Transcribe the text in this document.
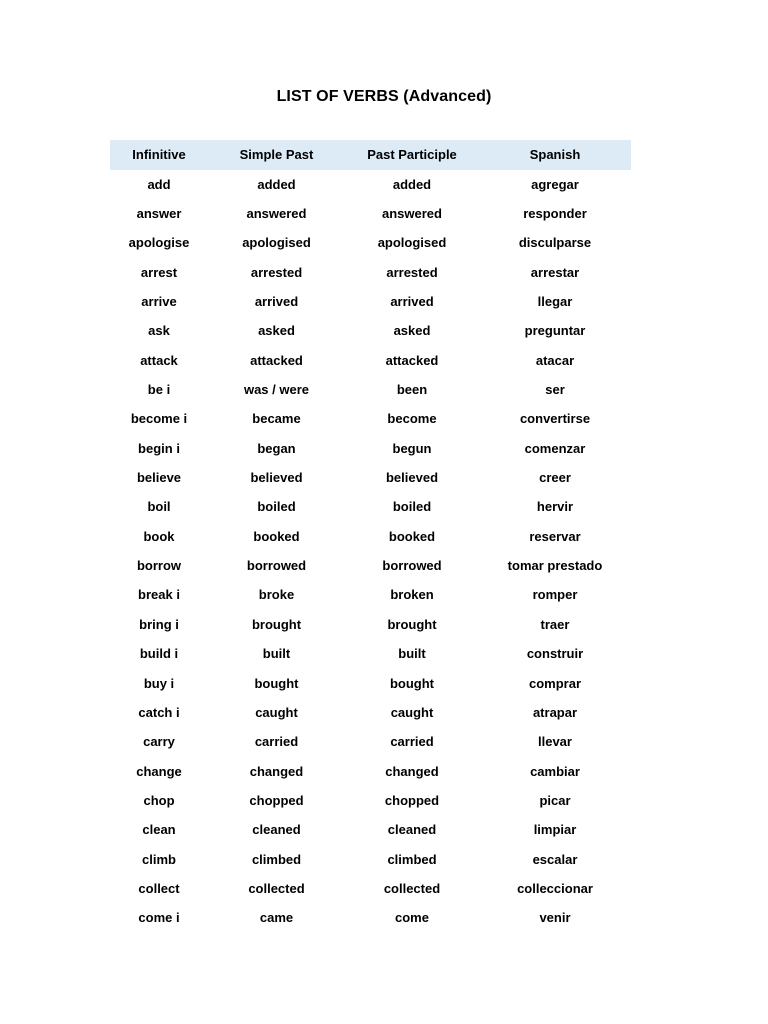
LIST OF VERBS (Advanced)
Infinitive	Simple Past	Past Participle	Spanish
add	added	added	agregar
answer	answered	answered	responder
apologise	apologised	apologised	disculparse
arrest	arrested	arrested	arrestar
arrive	arrived	arrived	llegar
ask	asked	asked	preguntar
attack	attacked	attacked	atacar
be i	was / were	been	ser
become i	became	become	convertirse
begin i	began	begun	comenzar
believe	believed	believed	creer
boil	boiled	boiled	hervir
book	booked	booked	reservar
borrow	borrowed	borrowed	tomar prestado
break i	broke	broken	romper
bring i	brought	brought	traer
build i	built	built	construir
buy i	bought	bought	comprar
catch i	caught	caught	atrapar
carry	carried	carried	llevar
change	changed	changed	cambiar
chop	chopped	chopped	picar
clean	cleaned	cleaned	limpiar
climb	climbed	climbed	escalar
collect	collected	collected	colleccionar
come i	came	come	venir
